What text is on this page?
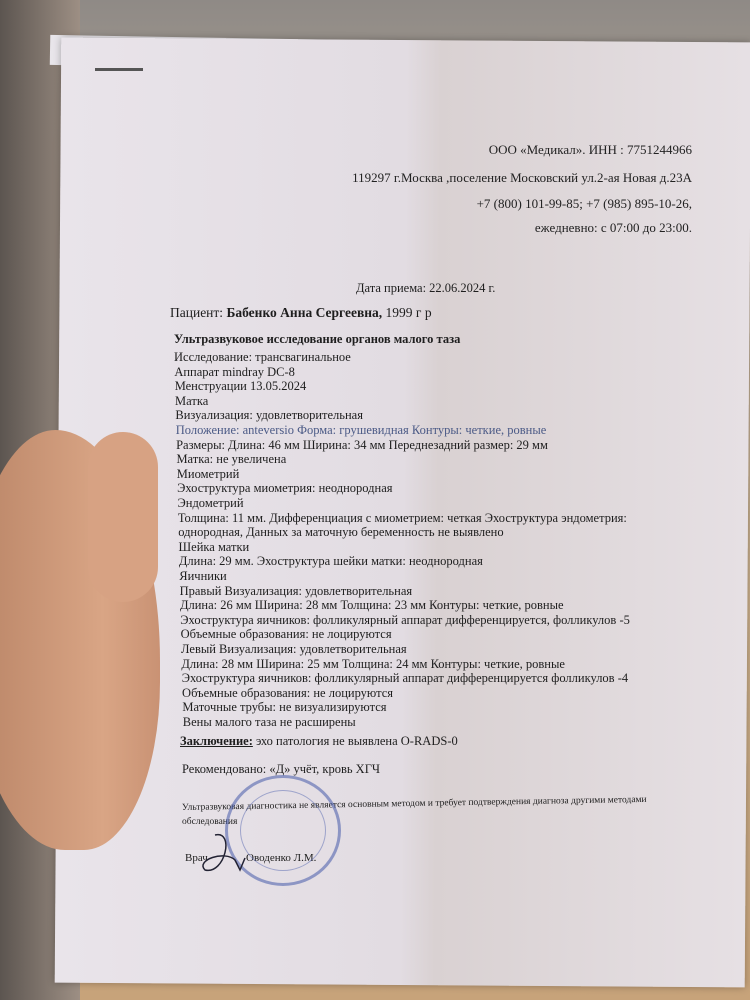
ООО «Медикал». ИНН : 7751244966
119297 г.Москва ,поселение Московский ул.2-ая Новая д.23А
+7 (800) 101-99-85; +7 (985) 895-10-26,
ежедневно: с 07:00 до 23:00.
Дата приема: 22.06.2024 г.
Пациент: Бабенко Анна Сергеевна, 1999 г р
Ультразвуковое исследование органов малого таза
Исследование: трансвагинальное
Аппарат mindray DC-8
Менструации 13.05.2024
Матка
Визуализация: удовлетворительная
Положение: anteversio Форма: грушевидная Контуры: четкие, ровные
Размеры: Длина: 46 мм Ширина: 34 мм Переднезадний размер: 29 мм
Матка: не увеличена
Миометрий
Эхоструктура миометрия: неоднородная
Эндометрий
Толщина: 11 мм. Дифференциация с миометрием: четкая Эхоструктура эндометрия:
однородная, Данных за маточную беременность не выявлено
Шейка матки
Длина: 29 мм. Эхоструктура шейки матки: неоднородная
Яичники
Правый Визуализация: удовлетворительная
Длина: 26 мм Ширина: 28 мм Толщина: 23 мм Контуры: четкие, ровные
Эхоструктура яичников: фолликулярный аппарат дифференцируется, фолликулов -5
Объемные образования: не лоцируются
Левый Визуализация: удовлетворительная
Длина: 28 мм Ширина: 25 мм Толщина: 24 мм Контуры: четкие, ровные
Эхоструктура яичников: фолликулярный аппарат дифференцируется фолликулов -4
Объемные образования: не лоцируются
Маточные трубы: не визуализируются
Вены малого таза не расширены
Заключение: эхо патология не выявлена O-RADS-0
Рекомендовано: «Д» учёт, кровь ХГЧ
Ультразвуковая диагностика не является основным методом и требует подтверждения диагноза другими методами
обследования
Врач	Оводенко Л.М.
